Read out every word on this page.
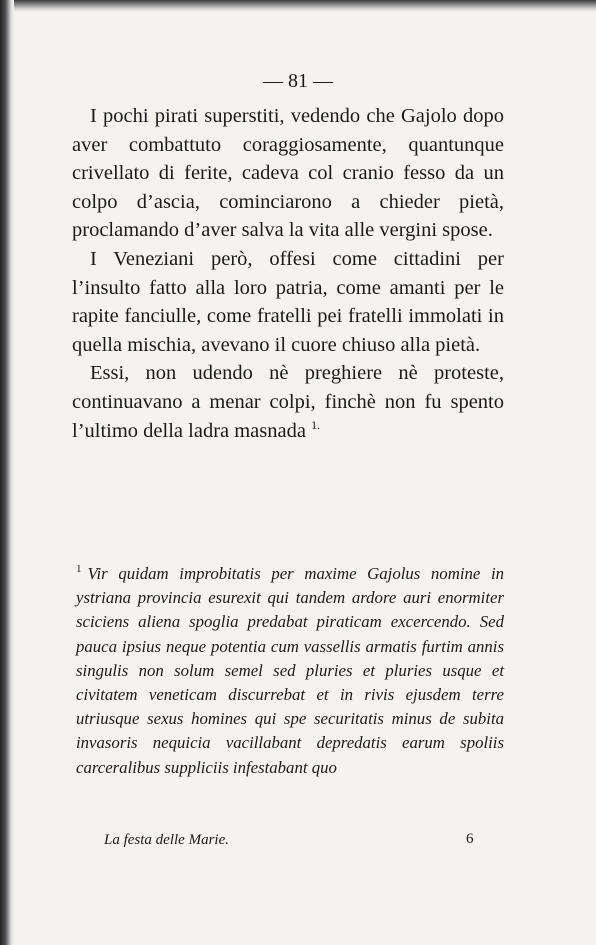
— 81 —

I pochi pirati superstiti, vedendo che Gajolo dopo aver combattuto coraggiosamente, quantunque crivellato di ferite, cadeva col cranio fesso da un colpo d’ascia, cominciarono a chieder pietà, proclamando d’aver salva la vita alle vergini spose.

I Veneziani però, offesi come cittadini per l’insulto fatto alla loro patria, come amanti per le rapite fanciulle, come fratelli pei fratelli immolati in quella mischia, avevano il cuore chiuso alla pietà.

Essi, non udendo nè preghiere nè proteste, continuavano a menar colpi, finchè non fu spento l’ultimo della ladra masnada $^{1.}$

$^1$ Vir quidam improbitatis per maxime Gajolus nomine in ystriana provincia esurexit qui tandem ardore auri enormiter sciciens aliena spoglia predabat piraticam excercendo. Sed pauca ipsius neque potentia cum vassellis armatis furtim annis singulis non solum semel sed pluries et pluries usque et civitatem veneticam discurrebat et in rivis ejusdem terre utriusque sexus homines qui spe securitatis minus de subita invasoris nequicia vacillabant depredatis earum spoliis carceralibus suppliciis infestabant quo
La festa delle Marie.	6
